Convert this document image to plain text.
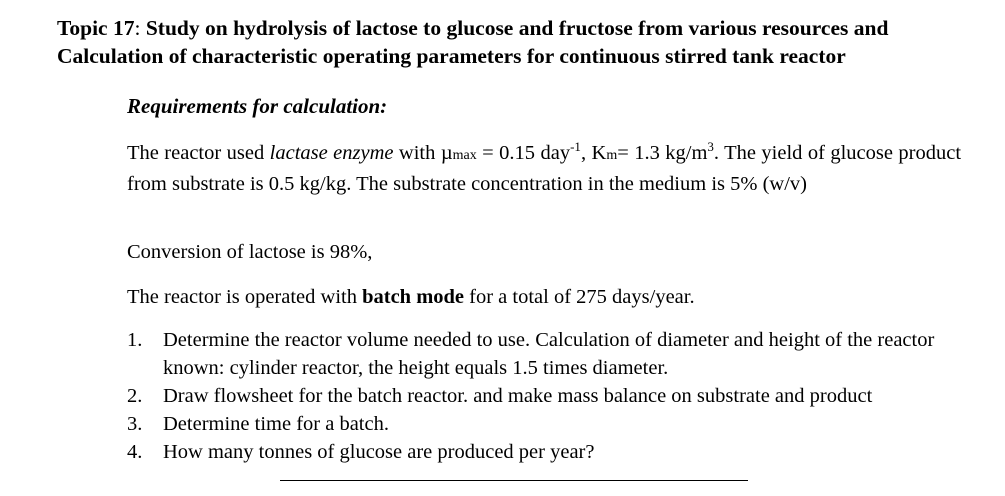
Topic 17: Study on hydrolysis of lactose to glucose and fructose from various resources and Calculation of characteristic operating parameters for continuous stirred tank reactor
Requirements for calculation:
The reactor used lactase enzyme with µmax = 0.15 day$^{-1}$, Km= 1.3 $kg/m^3$. The yield of glucose product from substrate is 0.5 kg/kg. The substrate concentration in the medium is 5% (w/v)
Conversion of lactose is 98%,
The reactor is operated with batch mode for a total of 275 days/year.
1. Determine the reactor volume needed to use. Calculation of diameter and height of the reactor known: cylinder reactor, the height equals 1.5 times diameter.
2. Draw flowsheet for the batch reactor. and make mass balance on substrate and product
3. Determine time for a batch.
4. How many tonnes of glucose are produced per year?
